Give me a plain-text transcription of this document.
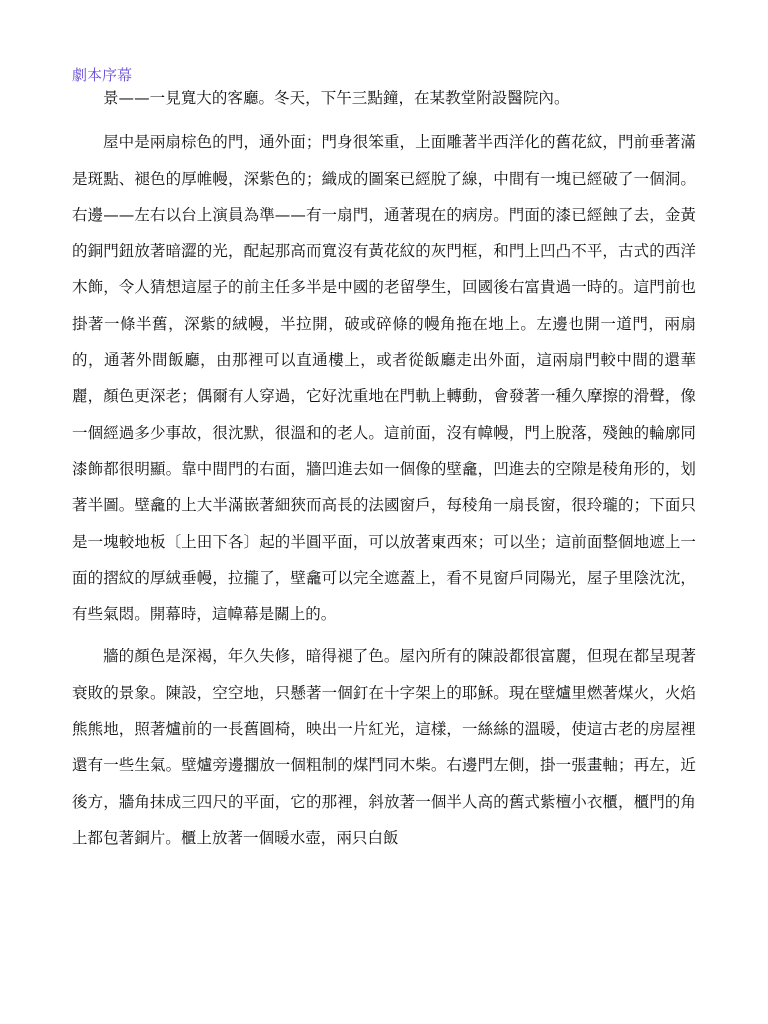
劇本序幕

景——一見寬大的客廳。冬天，下午三點鐘，在某教堂附設醫院內。

屋中是兩扇棕色的門，通外面；門身很笨重，上面雕著半西洋化的舊花紋，門前垂著滿是斑點、褪色的厚帷幔，深紫色的；織成的圖案已經脫了線，中間有一塊已經破了一個洞。右邊——左右以台上演員為準——有一扇門，通著現在的病房。門面的漆已經蝕了去，金黃的銅門鈕放著暗澀的光，配起那高而寬沒有黃花紋的灰門框，和門上凹凸不平，古式的西洋木飾，令人猜想這屋子的前主任多半是中國的老留學生，回國後右富貴過一時的。這門前也掛著一條半舊，深紫的絨幔，半拉開，破或碎條的幔角拖在地上。左邊也開一道門，兩扇的，通著外間飯廳，由那裡可以直通樓上，或者從飯廳走出外面，這兩扇門較中間的還華麗，顏色更深老；偶爾有人穿過，它好沈重地在門軌上轉動，會發著一種久摩擦的滑聲，像一個經過多少事故，很沈默，很溫和的老人。這前面，沒有幃幔，門上脫落，殘蝕的輪廓同漆飾都很明顯。靠中間門的右面，牆凹進去如一個像的壁龕，凹進去的空隙是稜角形的，划著半圖。壁龕的上大半滿嵌著細狹而高長的法國窗戶，每稜角一扇長窗，很玲瓏的；下面只是一塊較地板〔上田下各〕起的半圓平面，可以放著東西來；可以坐；這前面整個地遮上一面的摺紋的厚絨垂幔，拉攏了，壁龕可以完全遮蓋上，看不見窗戶同陽光，屋子里陰沈沈，有些氣悶。開幕時，這幃幕是關上的。

牆的顏色是深褐，年久失修，暗得褪了色。屋內所有的陳設都很富麗，但現在都呈現著衰敗的景象。陳設，空空地，只懸著一個釘在十字架上的耶穌。現在壁爐里燃著煤火，火焰熊熊地，照著爐前的一長舊圓椅，映出一片紅光，這樣，一絲絲的溫暖，使這古老的房屋裡還有一些生氣。壁爐旁邊擱放一個粗制的煤鬥同木柴。右邊門左側，掛一張畫軸；再左，近後方，牆角抹成三四尺的平面，它的那裡，斜放著一個半人高的舊式紫檀小衣櫃，櫃門的角上都包著銅片。櫃上放著一個暖水壺，兩只白飯
